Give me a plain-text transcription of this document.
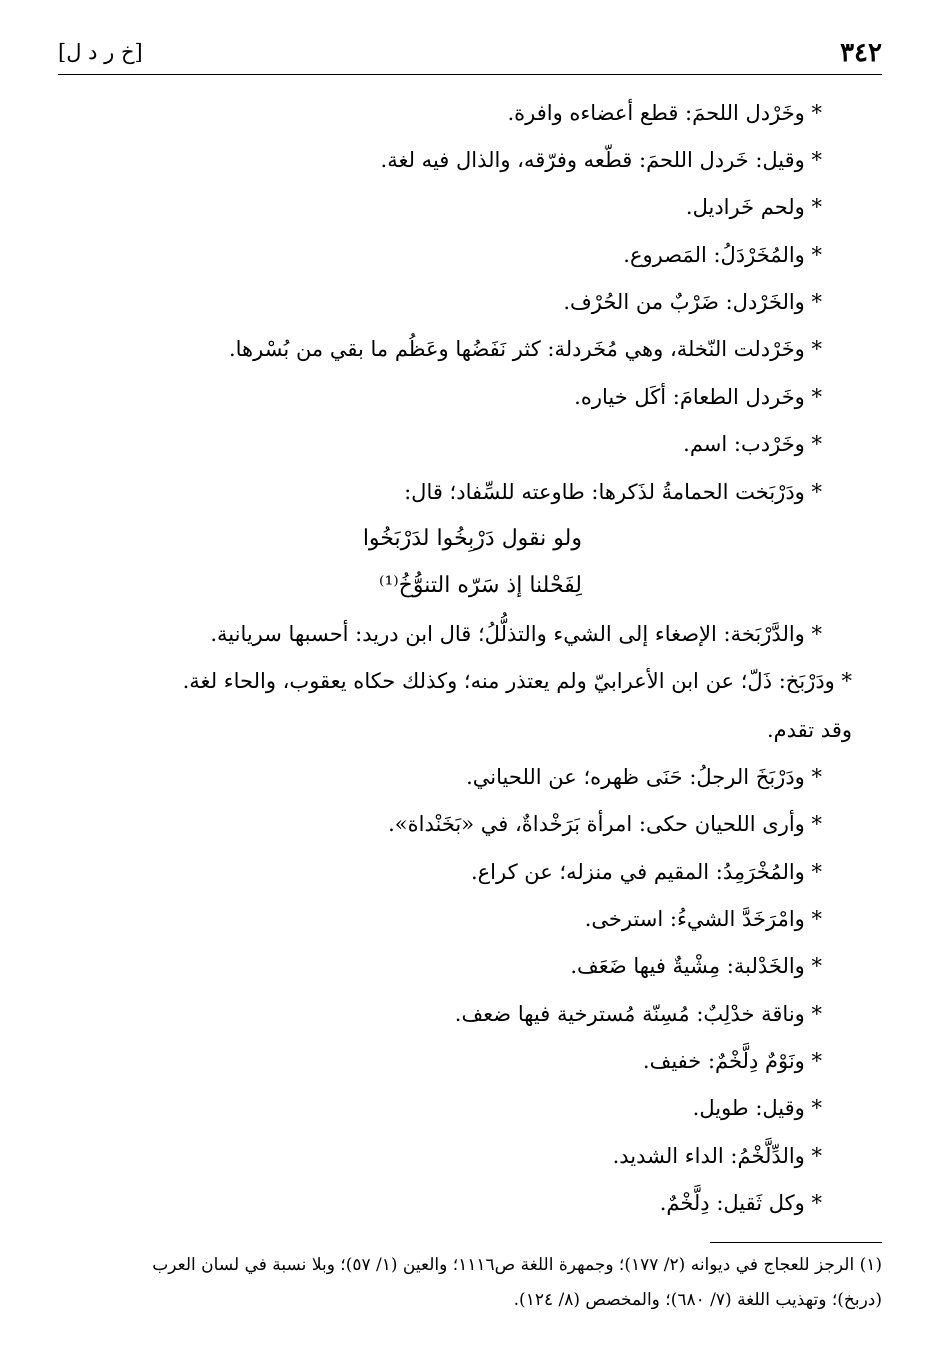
٣٤٢
[خ ر د ل]
* وخَرْدل اللحمَ: قطع أعضاءه وافرة.
* وقيل: خَردل اللحمَ: قطّعه وفرّقه، والذال فيه لغة.
* ولحم خَراديل.
* والمُخَرْدَلُ: المَصروع.
* والخَرْدل: ضَرْبٌ من الحُرْف.
* وخَرْدلت النّخلة، وهي مُخَردلة: كثر نَفَضُها وعَظُم ما بقي من بُسْرها.
* وخَردل الطعامَ: أكَل خياره.
* وخَرْدب: اسم.
* ودَرْبَخت الحمامةُ لذَكرها: طاوعته للسِّفاد؛ قال:
ولو نقول دَرْبِخُوا لدَرْبَخُوا
لِفَحْلنا إذ سَرّه التنوُّخُ⁽¹⁾
* والدَّرْبَخة: الإصغاء إلى الشيء والتذلُّلُ؛ قال ابن دريد: أحسبها سريانية.
* ودَرْبَخ: ذَلّ؛ عن ابن الأعرابيّ ولم يعتذر منه؛ وكذلك حكاه يعقوب، والحاء لغة.
وقد تقدم.
* ودَرْبَخَ الرجلُ: حَنَى ظهره؛ عن اللحياني.
* وأرى اللحيان حكى: امرأة بَرَخْداةٌ، في «بَخَنْداة».
* والمُخْرَمِدُ: المقيم في منزله؛ عن كراع.
* وامْرَخَدَّ الشيءُ: استرخى.
* والخَدْلبة: مِشْيةٌ فيها ضَعَف.
* وناقة خدْلِبٌ: مُسِنّة مُسترخية فيها ضعف.
* ونَوْمٌ دِلَّخْمٌ: خفيف.
* وقيل: طويل.
* والدِّلَّخْمُ: الداء الشديد.
* وكل ثَقيل: دِلَّخْمٌ.
(١) الرجز للعجاج في ديوانه (٢/ ١٧٧)؛ وجمهرة اللغة ص١١١٦؛ والعين (١/ ٥٧)؛ وبلا نسبة في لسان العرب
(دربخ)؛ وتهذيب اللغة (٧/ ٦٨٠)؛ والمخصص (٨/ ١٢٤).
